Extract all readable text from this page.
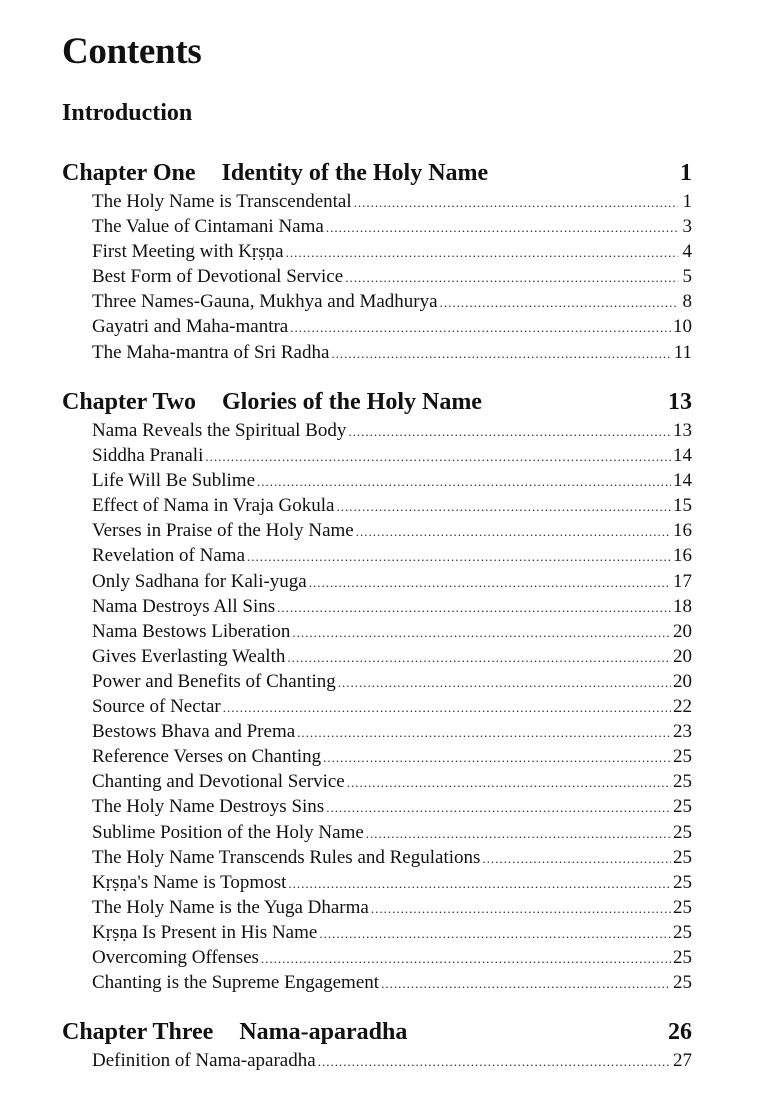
Contents
Introduction
Chapter One Identity of the Holy Name	1
The Holy Name is Transcendental .....	1
The Value of Cintamani Nama .....	3
First Meeting with Kṛṣṇa .....	4
Best Form of Devotional Service .....	5
Three Names-Gauna, Mukhya and Madhurya .....	8
Gayatri and Maha-mantra .....	10
The Maha-mantra of Sri Radha .....	11
Chapter Two Glories of the Holy Name	13
Nama Reveals the Spiritual Body .....	13
Siddha Pranali .....	14
Life Will Be Sublime .....	14
Effect of Nama in Vraja Gokula .....	15
Verses in Praise of the Holy Name .....	16
Revelation of Nama .....	16
Only Sadhana for Kali-yuga .....	17
Nama Destroys All Sins .....	18
Nama Bestows Liberation .....	20
Gives Everlasting Wealth .....	20
Power and Benefits of Chanting .....	20
Source of Nectar .....	22
Bestows Bhava and Prema .....	23
Reference Verses on Chanting .....	25
Chanting and Devotional Service .....	25
The Holy Name Destroys Sins .....	25
Sublime Position of the Holy Name .....	25
The Holy Name Transcends Rules and Regulations .....	25
Kṛṣṇa's Name is Topmost .....	25
The Holy Name is the Yuga Dharma .....	25
Kṛṣṇa Is Present in His Name .....	25
Overcoming Offenses .....	25
Chanting is the Supreme Engagement .....	25
Chapter Three Nama-aparadha	26
Definition of Nama-aparadha .....	27
